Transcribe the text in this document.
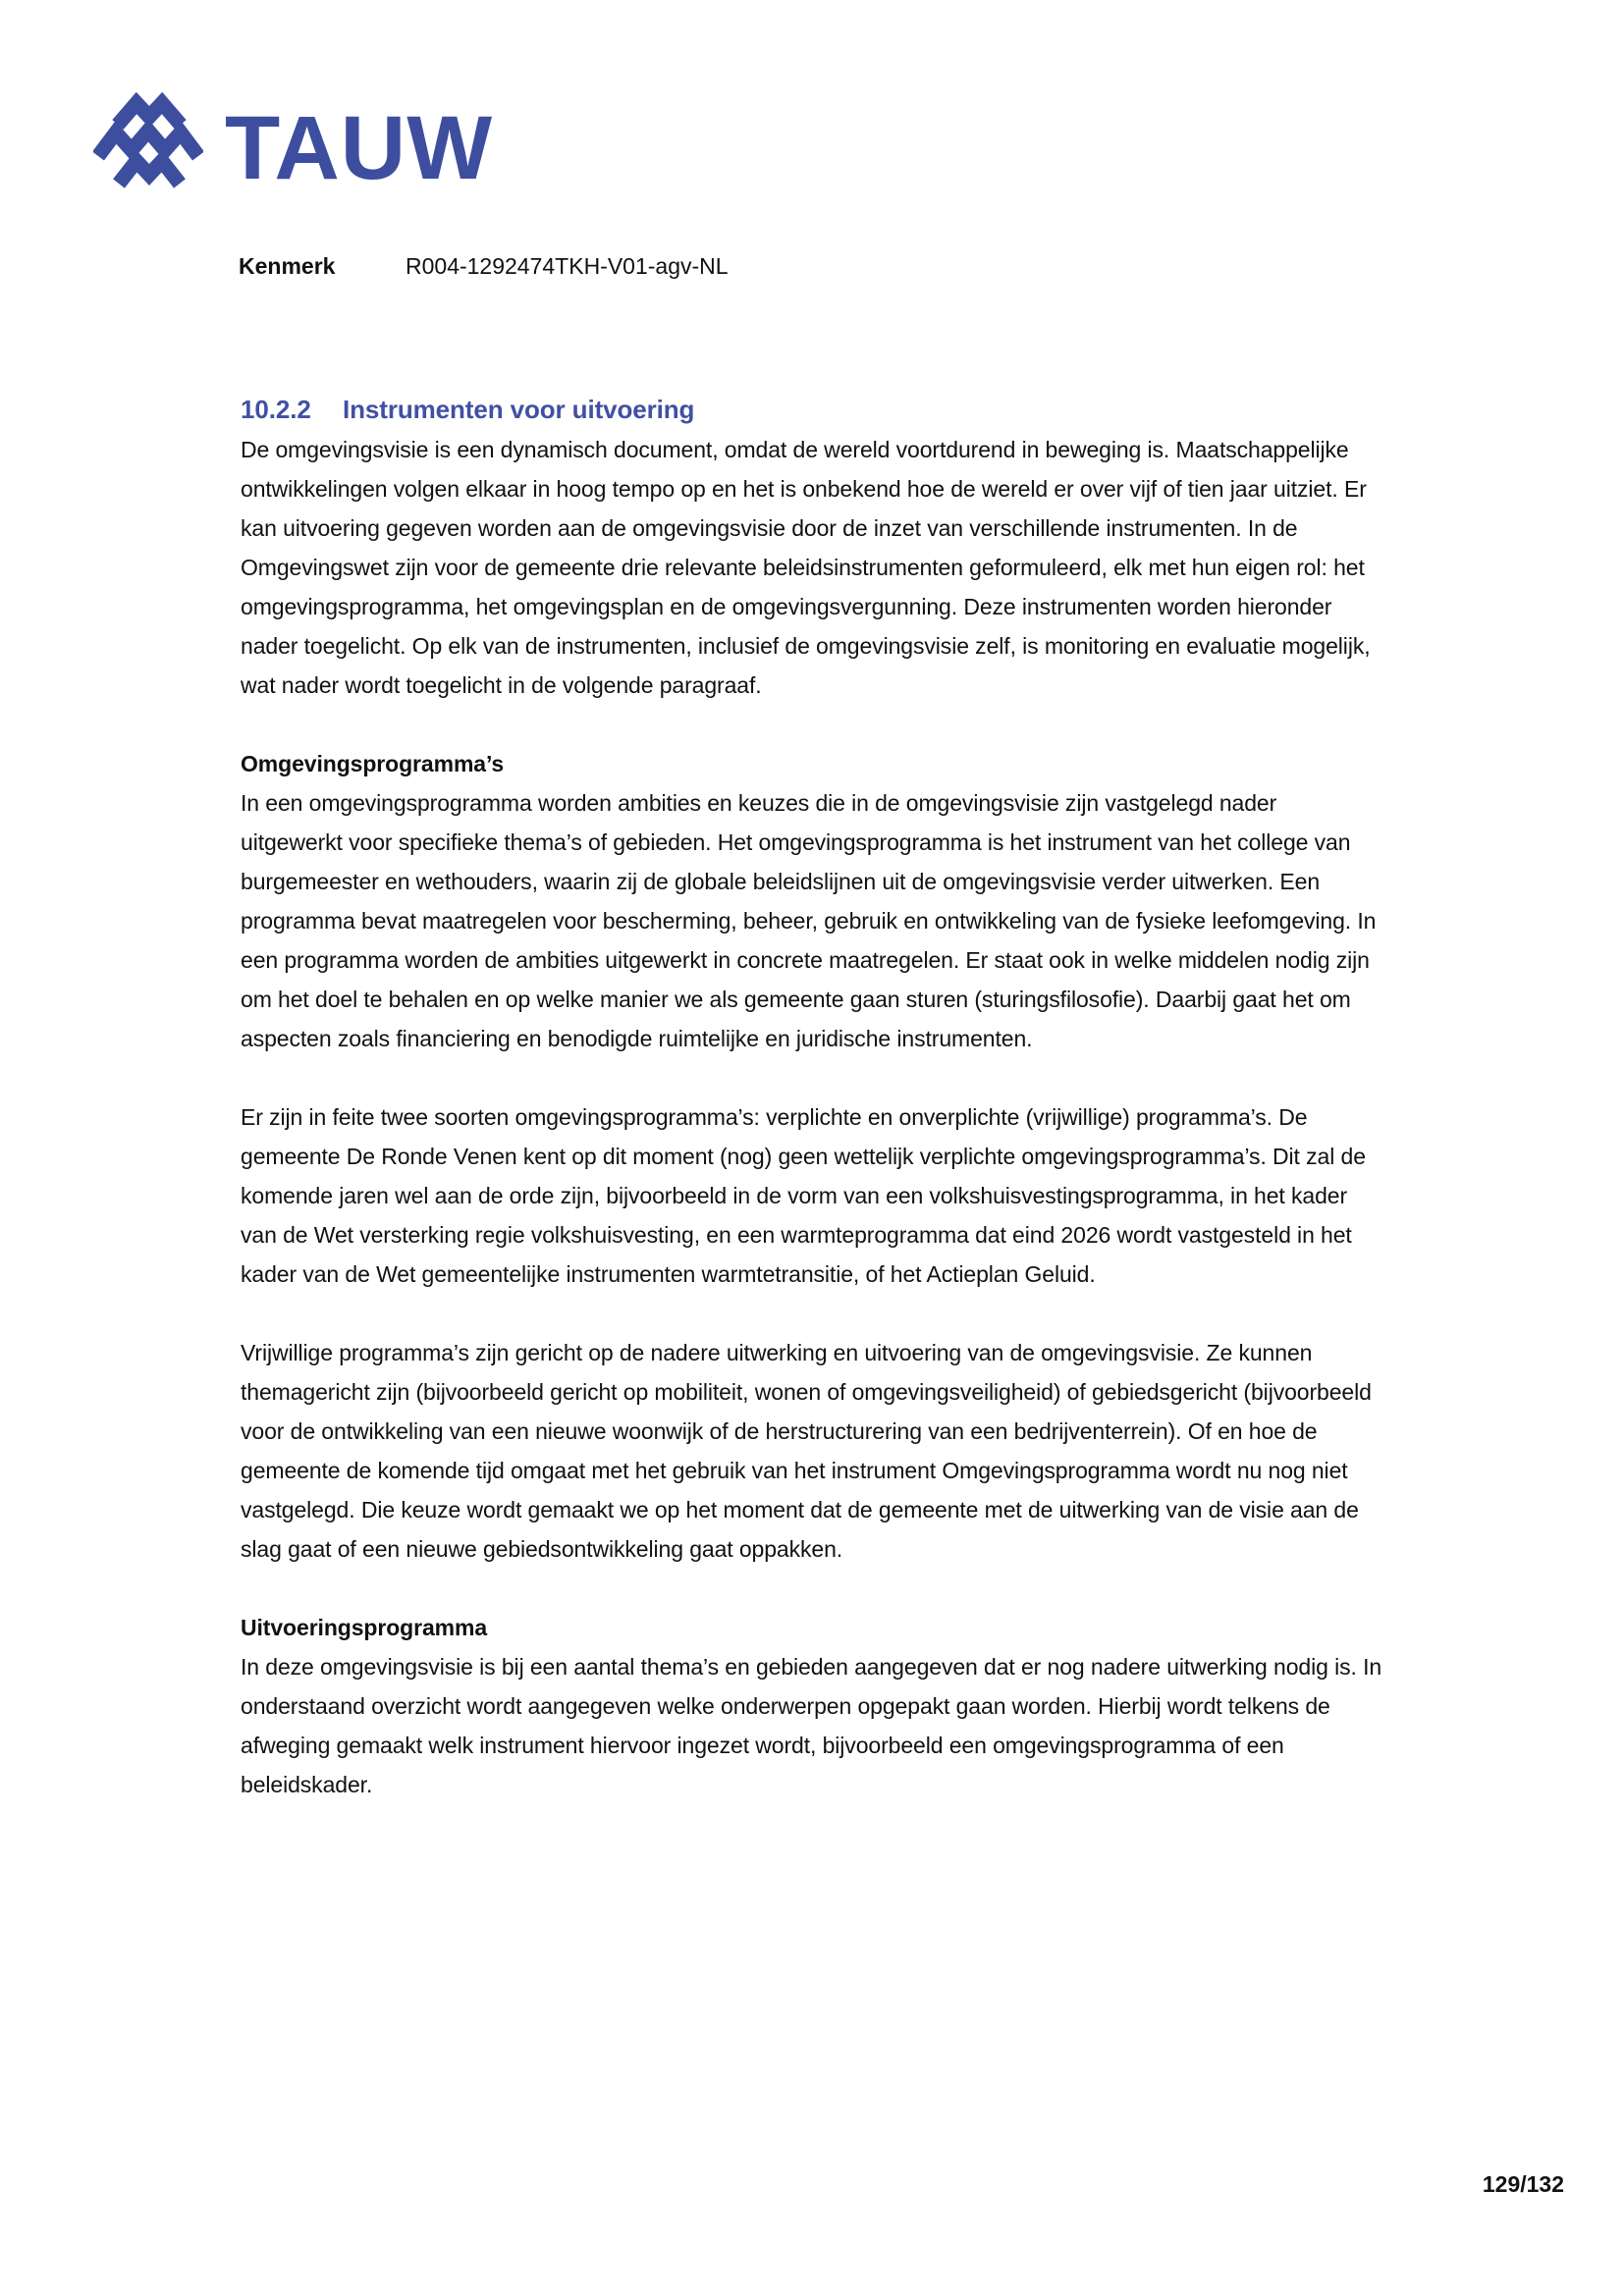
TAUW
Kenmerk	R004-1292474TKH-V01-agv-NL
10.2.2	Instrumenten voor uitvoering

De omgevingsvisie is een dynamisch document, omdat de wereld voortdurend in beweging is. Maatschappelijke ontwikkelingen volgen elkaar in hoog tempo op en het is onbekend hoe de wereld er over vijf of tien jaar uitziet. Er kan uitvoering gegeven worden aan de omgevingsvisie door de inzet van verschillende instrumenten. In de Omgevingswet zijn voor de gemeente drie relevante beleidsinstrumenten geformuleerd, elk met hun eigen rol: het omgevingsprogramma, het omgevingsplan en de omgevingsvergunning. Deze instrumenten worden hieronder nader toegelicht. Op elk van de instrumenten, inclusief de omgevingsvisie zelf, is monitoring en evaluatie mogelijk, wat nader wordt toegelicht in de volgende paragraaf.

Omgevingsprogramma’s

In een omgevingsprogramma worden ambities en keuzes die in de omgevingsvisie zijn vastgelegd nader uitgewerkt voor specifieke thema’s of gebieden. Het omgevingsprogramma is het instrument van het college van burgemeester en wethouders, waarin zij de globale beleidslijnen uit de omgevingsvisie verder uitwerken. Een programma bevat maatregelen voor bescherming, beheer, gebruik en ontwikkeling van de fysieke leefomgeving. In een programma worden de ambities uitgewerkt in concrete maatregelen. Er staat ook in welke middelen nodig zijn om het doel te behalen en op welke manier we als gemeente gaan sturen (sturingsfilosofie). Daarbij gaat het om aspecten zoals financiering en benodigde ruimtelijke en juridische instrumenten.

Er zijn in feite twee soorten omgevingsprogramma’s: verplichte en onverplichte (vrijwillige) programma’s. De gemeente De Ronde Venen kent op dit moment (nog) geen wettelijk verplichte omgevingsprogramma’s. Dit zal de komende jaren wel aan de orde zijn, bijvoorbeeld in de vorm van een volkshuisvestingsprogramma, in het kader van de Wet versterking regie volkshuisvesting, en een warmteprogramma dat eind 2026 wordt vastgesteld in het kader van de Wet gemeentelijke instrumenten warmtetransitie, of het Actieplan Geluid.

Vrijwillige programma’s zijn gericht op de nadere uitwerking en uitvoering van de omgevingsvisie. Ze kunnen themagericht zijn (bijvoorbeeld gericht op mobiliteit, wonen of omgevingsveiligheid) of gebiedsgericht (bijvoorbeeld voor de ontwikkeling van een nieuwe woonwijk of de herstructurering van een bedrijventerrein). Of en hoe de gemeente de komende tijd omgaat met het gebruik van het instrument Omgevingsprogramma wordt nu nog niet vastgelegd. Die keuze wordt gemaakt we op het moment dat de gemeente met de uitwerking van de visie aan de slag gaat of een nieuwe gebiedsontwikkeling gaat oppakken.

Uitvoeringsprogramma

In deze omgevingsvisie is bij een aantal thema’s en gebieden aangegeven dat er nog nadere uitwerking nodig is. In onderstaand overzicht wordt aangegeven welke onderwerpen opgepakt gaan worden. Hierbij wordt telkens de afweging gemaakt welk instrument hiervoor ingezet wordt, bijvoorbeeld een omgevingsprogramma of een beleidskader.

129/132
